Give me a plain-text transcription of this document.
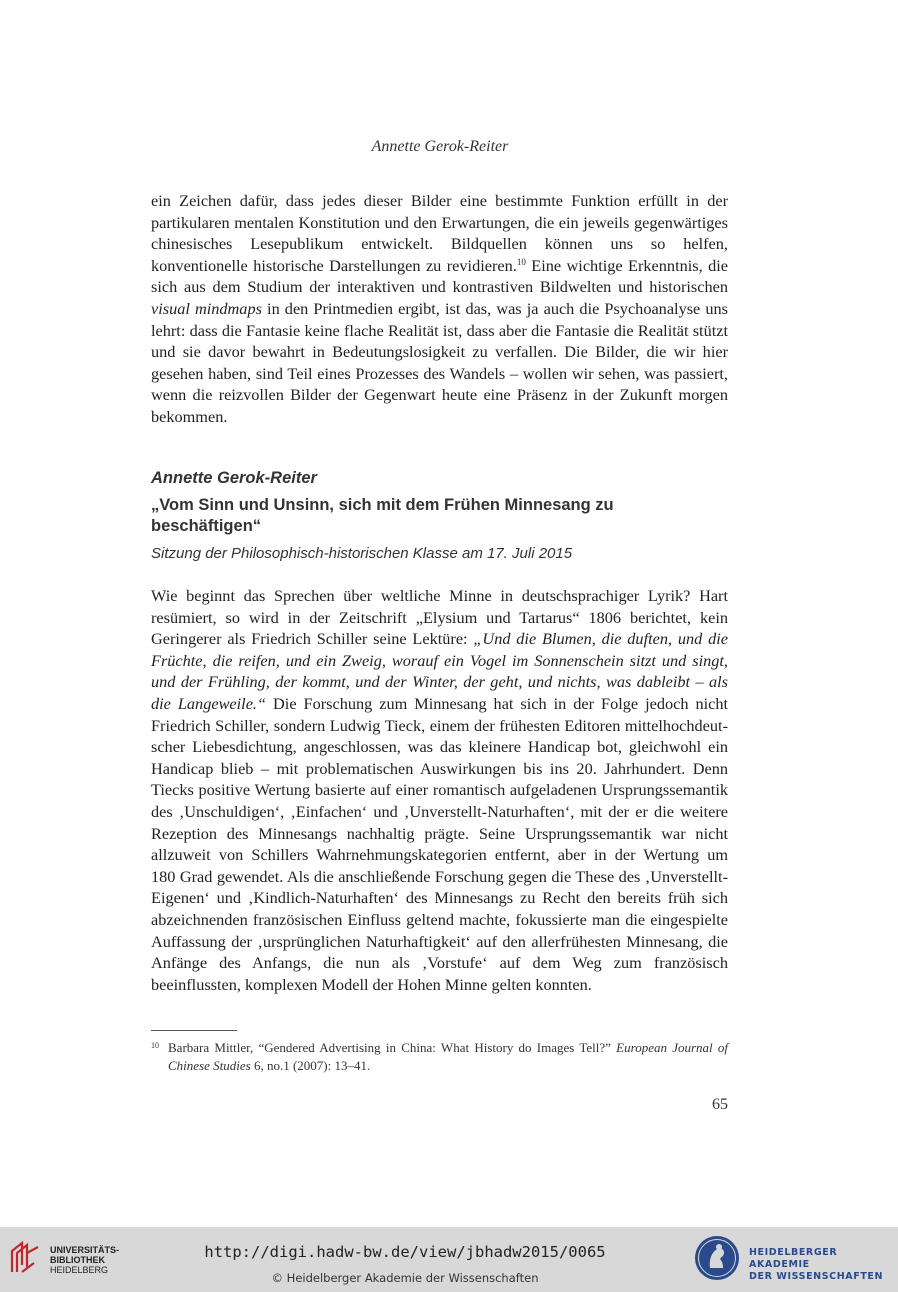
Annette Gerok-Reiter

ein Zeichen dafür, dass jedes dieser Bilder eine bestimmte Funktion erfüllt in der partikularen mentalen Konstitution und den Erwartungen, die ein jeweils gegenwärtiges chinesisches Lesepublikum entwickelt. Bildquellen können uns so helfen, konventionelle historische Darstellungen zu revidieren.$^{10}$ Eine wichtige Erkenntnis, die sich aus dem Studium der interaktiven und kontrastiven Bildwelten und historischen visual mindmaps in den Printmedien ergibt, ist das, was ja auch die Psychoanalyse uns lehrt: dass die Fantasie keine flache Realität ist, dass aber die Fantasie die Realität stützt und sie davor bewahrt in Bedeutungslosigkeit zu verfallen. Die Bilder, die wir hier gesehen haben, sind Teil eines Prozesses des Wandels – wollen wir sehen, was passiert, wenn die reizvollen Bilder der Gegenwart heute eine Präsenz in der Zukunft morgen bekommen.

Annette Gerok-Reiter
„Vom Sinn und Unsinn, sich mit dem Frühen Minnesang zu beschäftigen“
Sitzung der Philosophisch-historischen Klasse am 17. Juli 2015

Wie beginnt das Sprechen über weltliche Minne in deutschsprachiger Lyrik? Hart resümiert, so wird in der Zeitschrift „Elysium und Tartarus“ 1806 berichtet, kein Geringerer als Friedrich Schiller seine Lektüre: „Und die Blumen, die duften, und die Früchte, die reifen, und ein Zweig, worauf ein Vogel im Sonnenschein sitzt und singt, und der Frühling, der kommt, und der Winter, der geht, und nichts, was dableibt – als die Langeweile.“ Die Forschung zum Minnesang hat sich in der Folge jedoch nicht Friedrich Schiller, sondern Ludwig Tieck, einem der frühesten Editoren mittelhochdeutscher Liebesdichtung, angeschlossen, was das kleinere Handicap bot, gleichwohl ein Handicap blieb – mit problematischen Auswirkungen bis ins 20. Jahrhundert. Denn Tiecks positive Wertung basierte auf einer romantisch aufgeladenen Ursprungssemantik des ‚Unschuldigen‘, ‚Einfachen‘ und ‚Unverstellt-Naturhaften‘, mit der er die weitere Rezeption des Minnesangs nachhaltig prägte. Seine Ursprungssemantik war nicht allzuweit von Schillers Wahrnehmungskategorien entfernt, aber in der Wertung um 180 Grad gewendet. Als die anschließende Forschung gegen die These des ‚Unverstellt-Eigenen‘ und ‚Kindlich-Naturhaften‘ des Minnesangs zu Recht den bereits früh sich abzeichnenden französischen Einfluss geltend machte, fokussierte man die eingespielte Auffassung der ‚ursprünglichen Naturhaftigkeit‘ auf den allerfrühesten Minnesang, die Anfänge des Anfangs, die nun als ‚Vorstufe‘ auf dem Weg zum französisch beeinflussten, komplexen Modell der Hohen Minne gelten konnten.

10 Barbara Mittler, “Gendered Advertising in China: What History do Images Tell?” European Journal of Chinese Studies 6, no.1 (2007): 13–41.
65
UNIVERSITÄTS-
BIBLIOTHEK
HEIDELBERG
http://digi.hadw-bw.de/view/jbhadw2015/0065
© Heidelberger Akademie der Wissenschaften
HEIDELBERGER AKADEMIE
DER WISSENSCHAFTEN
